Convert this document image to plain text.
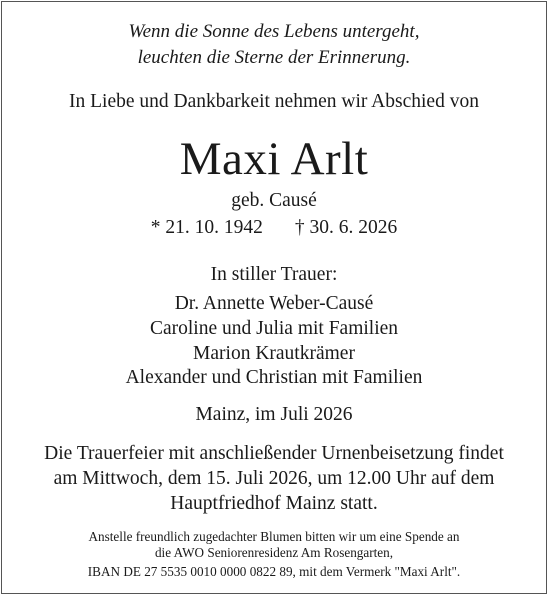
Wenn die Sonne des Lebens untergeht,
leuchten die Sterne der Erinnerung.
In Liebe und Dankbarkeit nehmen wir Abschied von
Maxi Arlt
geb. Causé
* 21. 10. 1942 † 30. 6. 2026
In stiller Trauer:
Dr. Annette Weber-Causé
Caroline und Julia mit Familien
Marion Krautkrämer
Alexander und Christian mit Familien
Mainz, im Juli 2026
Die Trauerfeier mit anschließender Urnenbeisetzung findet
am Mittwoch, dem 15. Juli 2026, um 12.00 Uhr auf dem
Hauptfriedhof Mainz statt.
Anstelle freundlich zugedachter Blumen bitten wir um eine Spende an
die AWO Seniorenresidenz Am Rosengarten,
IBAN DE 27 5535 0010 0000 0822 89, mit dem Vermerk "Maxi Arlt".
